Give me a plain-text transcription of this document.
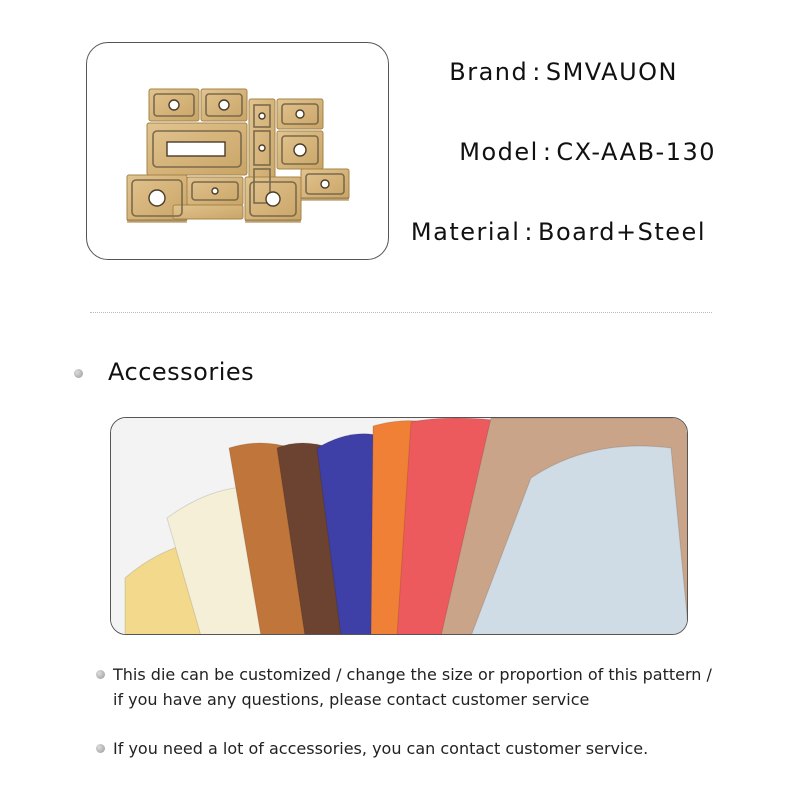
Brand : SMVAUON
Model : CX-AAB-130
Material : Board+Steel
Accessories

This die can be customized / change the size or proportion of this pattern / if you have any questions, please contact customer service

If you need a lot of accessories, you can contact customer service.
